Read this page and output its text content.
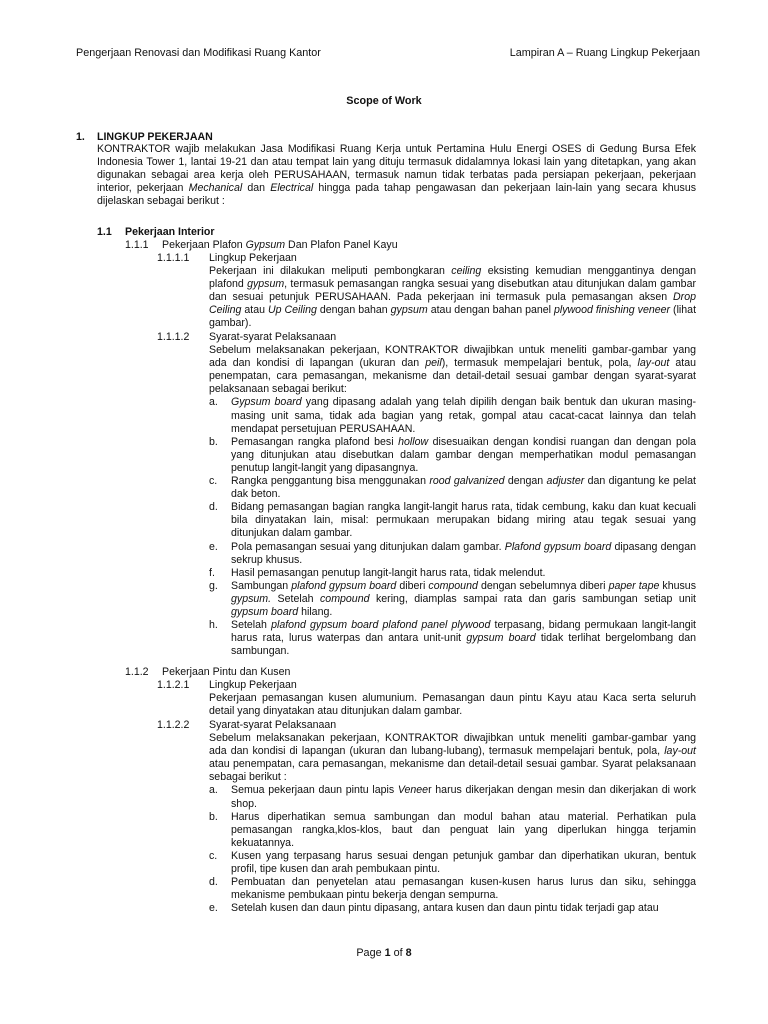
Pengerjaan Renovasi dan Modifikasi Ruang Kantor	Lampiran A – Ruang Lingkup Pekerjaan
Scope of Work
1.	LINGKUP PEKERJAAN
KONTRAKTOR wajib melakukan Jasa Modifikasi Ruang Kerja untuk Pertamina Hulu Energi OSES di Gedung Bursa Efek Indonesia Tower 1, lantai 19-21 dan atau tempat lain yang dituju termasuk didalamnya lokasi lain yang ditetapkan, yang akan digunakan sebagai area kerja oleh PERUSAHAAN, termasuk namun tidak terbatas pada persiapan pekerjaan, pekerjaan interior, pekerjaan Mechanical dan Electrical hingga pada tahap pengawasan dan pekerjaan lain-lain yang secara khusus dijelaskan sebagai berikut :
1.1	Pekerjaan Interior
1.1.1	Pekerjaan Plafon Gypsum Dan Plafon Panel Kayu
1.1.1.1	Lingkup Pekerjaan
Pekerjaan ini dilakukan meliputi pembongkaran ceiling eksisting kemudian menggantinya dengan plafond gypsum, termasuk pemasangan rangka sesuai yang disebutkan atau ditunjukan dalam gambar dan sesuai petunjuk PERUSAHAAN. Pada pekerjaan ini termasuk pula pemasangan aksen Drop Ceiling atau Up Ceiling dengan bahan gypsum atau dengan bahan panel plywood finishing veneer (lihat gambar).
1.1.1.2	Syarat-syarat Pelaksanaan
Sebelum melaksanakan pekerjaan, KONTRAKTOR diwajibkan untuk meneliti gambar-gambar yang ada dan kondisi di lapangan (ukuran dan peil), termasuk mempelajari bentuk, pola, lay-out atau penempatan, cara pemasangan, mekanisme dan detail-detail sesuai gambar dengan syarat-syarat pelaksanaan sebagai berikut:
a.	Gypsum board yang dipasang adalah yang telah dipilih dengan baik bentuk dan ukuran masing-masing unit sama, tidak ada bagian yang retak, gompal atau cacat-cacat lainnya dan telah mendapat persetujuan PERUSAHAAN.
b.	Pemasangan rangka plafond besi hollow disesuaikan dengan kondisi ruangan dan dengan pola yang ditunjukan atau disebutkan dalam gambar dengan memperhatikan modul pemasangan penutup langit-langit yang dipasangnya.
c.	Rangka penggantung bisa menggunakan rood galvanized dengan adjuster dan digantung ke pelat dak beton.
d.	Bidang pemasangan bagian rangka langit-langit harus rata, tidak cembung, kaku dan kuat kecuali bila dinyatakan lain, misal: permukaan merupakan bidang miring atau tegak sesuai yang ditunjukan dalam gambar.
e.	Pola pemasangan sesuai yang ditunjukan dalam gambar. Plafond gypsum board dipasang dengan sekrup khusus.
f.	Hasil pemasangan penutup langit-langit harus rata, tidak melendut.
g.	Sambungan plafond gypsum board diberi compound dengan sebelumnya diberi paper tape khusus gypsum. Setelah compound kering, diamplas sampai rata dan garis sambungan setiap unit gypsum board hilang.
h.	Setelah plafond gypsum board plafond panel plywood terpasang, bidang permukaan langit-langit harus rata, lurus waterpas dan antara unit-unit gypsum board tidak terlihat bergelombang dan sambungan.
1.1.2	Pekerjaan Pintu dan Kusen
1.1.2.1	Lingkup Pekerjaan
Pekerjaan pemasangan kusen alumunium. Pemasangan daun pintu Kayu atau Kaca serta seluruh detail yang dinyatakan atau ditunjukan dalam gambar.
1.1.2.2	Syarat-syarat Pelaksanaan
Sebelum melaksanakan pekerjaan, KONTRAKTOR diwajibkan untuk meneliti gambar-gambar yang ada dan kondisi di lapangan (ukuran dan lubang-lubang), termasuk mempelajari bentuk, pola, lay-out atau penempatan, cara pemasangan, mekanisme dan detail-detail sesuai gambar. Syarat pelaksanaan sebagai berikut :
a.	Semua pekerjaan daun pintu lapis Veneer harus dikerjakan dengan mesin dan dikerjakan di work shop.
b.	Harus diperhatikan semua sambungan dan modul bahan atau material. Perhatikan pula pemasangan rangka,klos-klos, baut dan penguat lain yang diperlukan hingga terjamin kekuatannya.
c.	Kusen yang terpasang harus sesuai dengan petunjuk gambar dan diperhatikan ukuran, bentuk profil, tipe kusen dan arah pembukaan pintu.
d.	Pembuatan dan penyetelan atau pemasangan kusen-kusen harus lurus dan siku, sehingga mekanisme pembukaan pintu bekerja dengan sempurna.
e.	Setelah kusen dan daun pintu dipasang, antara kusen dan daun pintu tidak terjadi gap atau
Page 1 of 8
